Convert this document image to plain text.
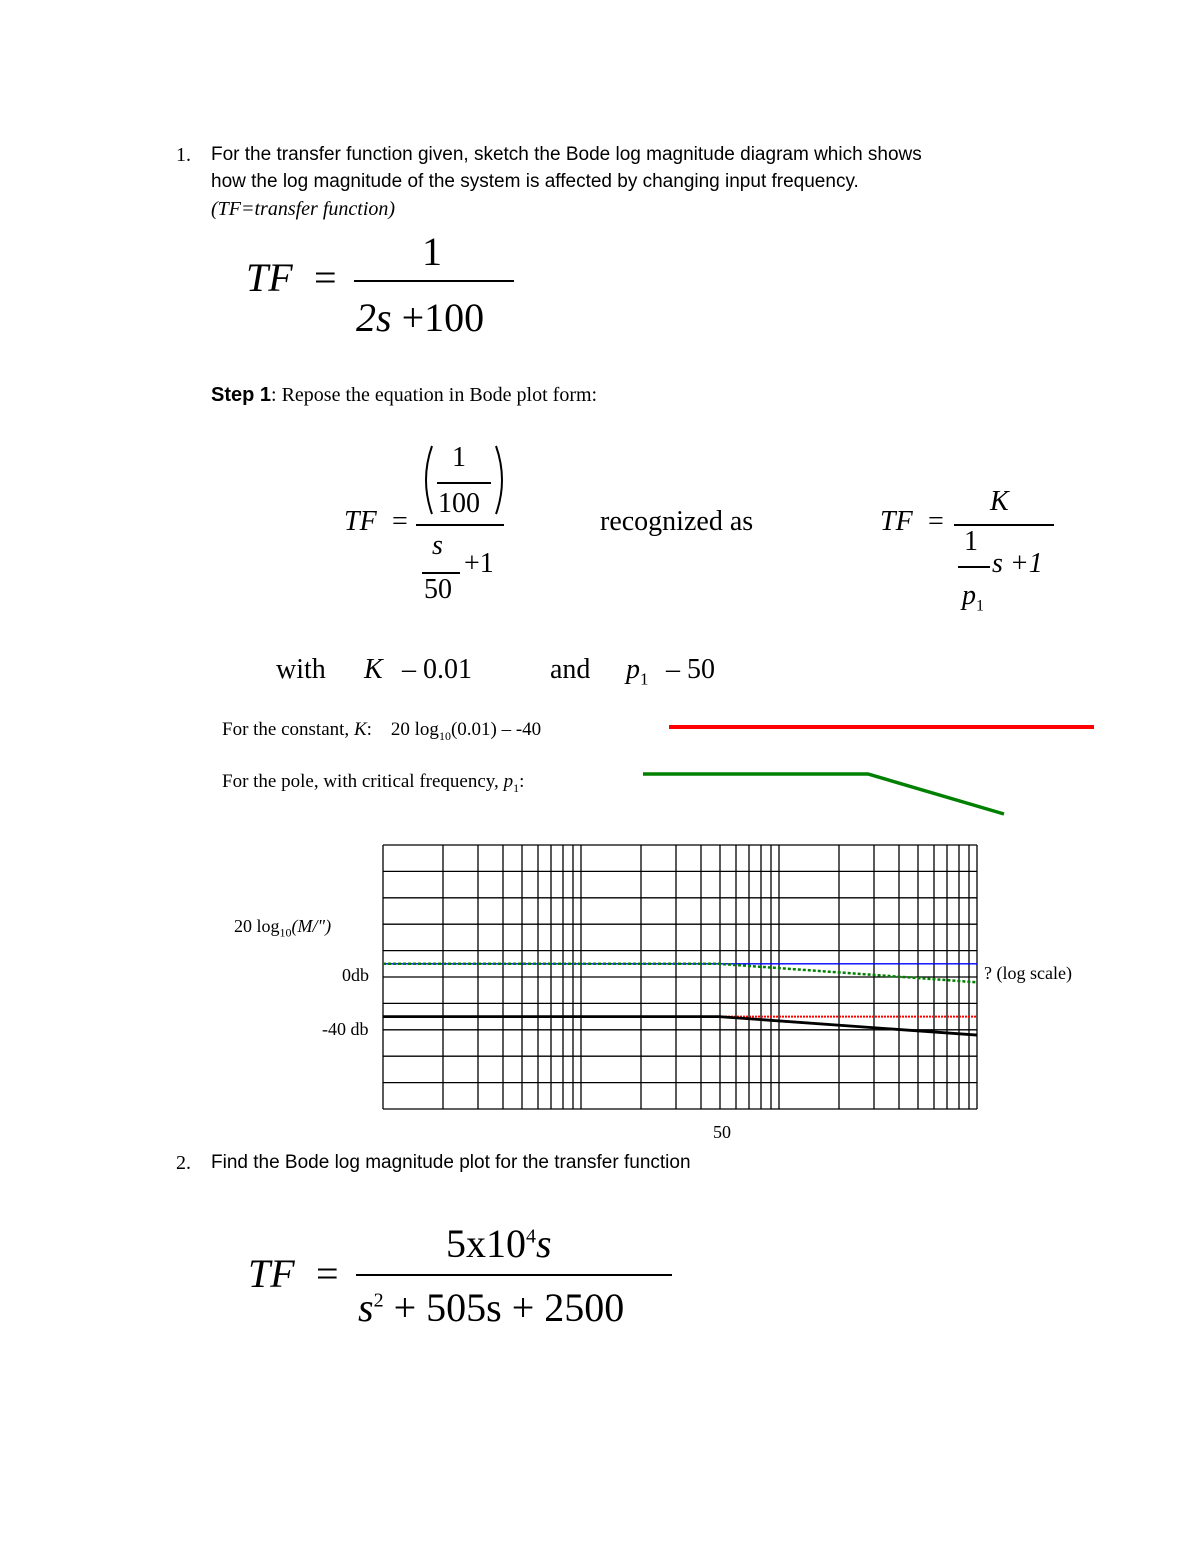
1. For the transfer function given, sketch the Bode log magnitude diagram which shows
how the log magnitude of the system is affected by changing input frequency.
(TF=transfer function)
TF =
1
2s +100
Step 1: Repose the equation in Bode plot form:
TF =
1
100
s
+1
50
recognized as	TF =
K
1
s +1
$p_1$
with K – 0.01	and $p_1 - 50$
For the constant, K: 20 $\log_{10}(0.01) - -40$
For the pole, with critical frequency, $p_1$:
20 $\log_{10}(M/")$
0db
-40 db
? (log scale)
50
2. Find the Bode log magnitude plot for the transfer function
TF =
$5x10^4s$
$s^2 + 505s + 2500$
